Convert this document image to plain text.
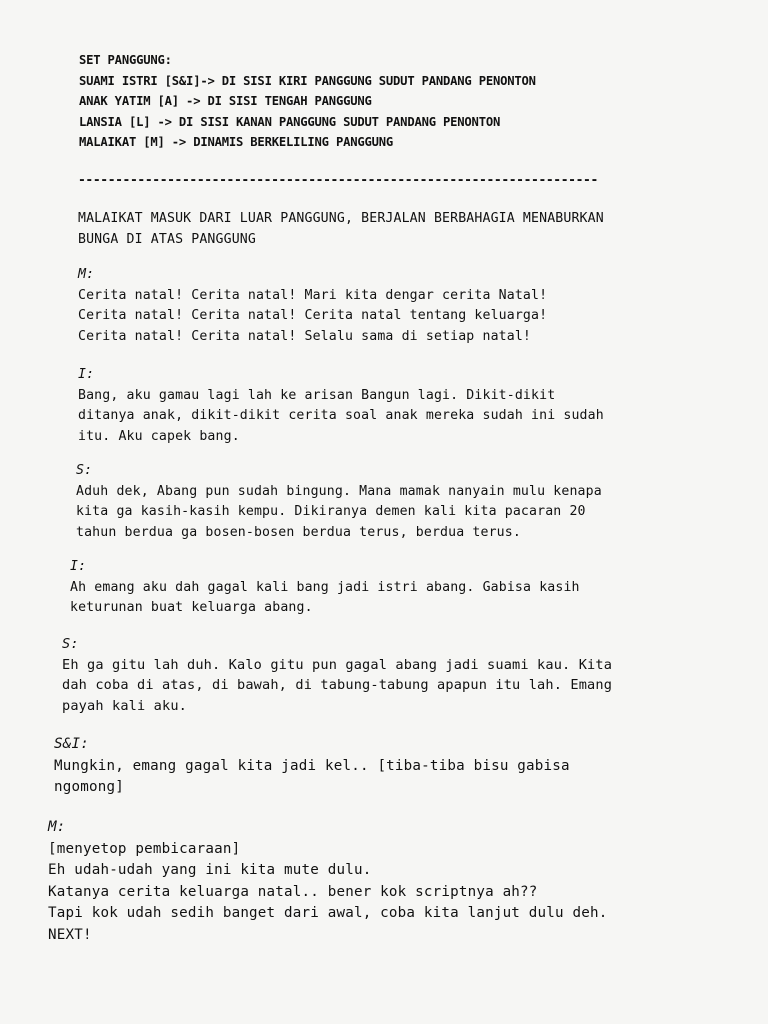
SET PANGGUNG:
SUAMI ISTRI [S&I]-> DI SISI KIRI PANGGUNG SUDUT PANDANG PENONTON
ANAK YATIM [A] -> DI SISI TENGAH PANGGUNG
LANSIA [L] -> DI SISI KANAN PANGGUNG SUDUT PANDANG PENONTON
MALAIKAT [M] -> DINAMIS BERKELILING PANGGUNG
----------------------------------------------------------------------
MALAIKAT MASUK DARI LUAR PANGGUNG, BERJALAN BERBAHAGIA MENABURKAN
BUNGA DI ATAS PANGGUNG
M:
Cerita natal! Cerita natal! Mari kita dengar cerita Natal!
Cerita natal! Cerita natal! Cerita natal tentang keluarga!
Cerita natal! Cerita natal! Selalu sama di setiap natal!
I:
Bang, aku gamau lagi lah ke arisan Bangun lagi. Dikit-dikit
ditanya anak, dikit-dikit cerita soal anak mereka sudah ini sudah
itu. Aku capek bang.
S:
Aduh dek, Abang pun sudah bingung. Mana mamak nanyain mulu kenapa
kita ga kasih-kasih kempu. Dikiranya demen kali kita pacaran 20
tahun berdua ga bosen-bosen berdua terus, berdua terus.
I:
Ah emang aku dah gagal kali bang jadi istri abang. Gabisa kasih
keturunan buat keluarga abang.
S:
Eh ga gitu lah duh. Kalo gitu pun gagal abang jadi suami kau. Kita
dah coba di atas, di bawah, di tabung-tabung apapun itu lah. Emang
payah kali aku.
S&I:
Mungkin, emang gagal kita jadi kel.. [tiba-tiba bisu gabisa
ngomong]
M:
[menyetop pembicaraan]
Eh udah-udah yang ini kita mute dulu.
Katanya cerita keluarga natal.. bener kok scriptnya ah??
Tapi kok udah sedih banget dari awal, coba kita lanjut dulu deh.
NEXT!
